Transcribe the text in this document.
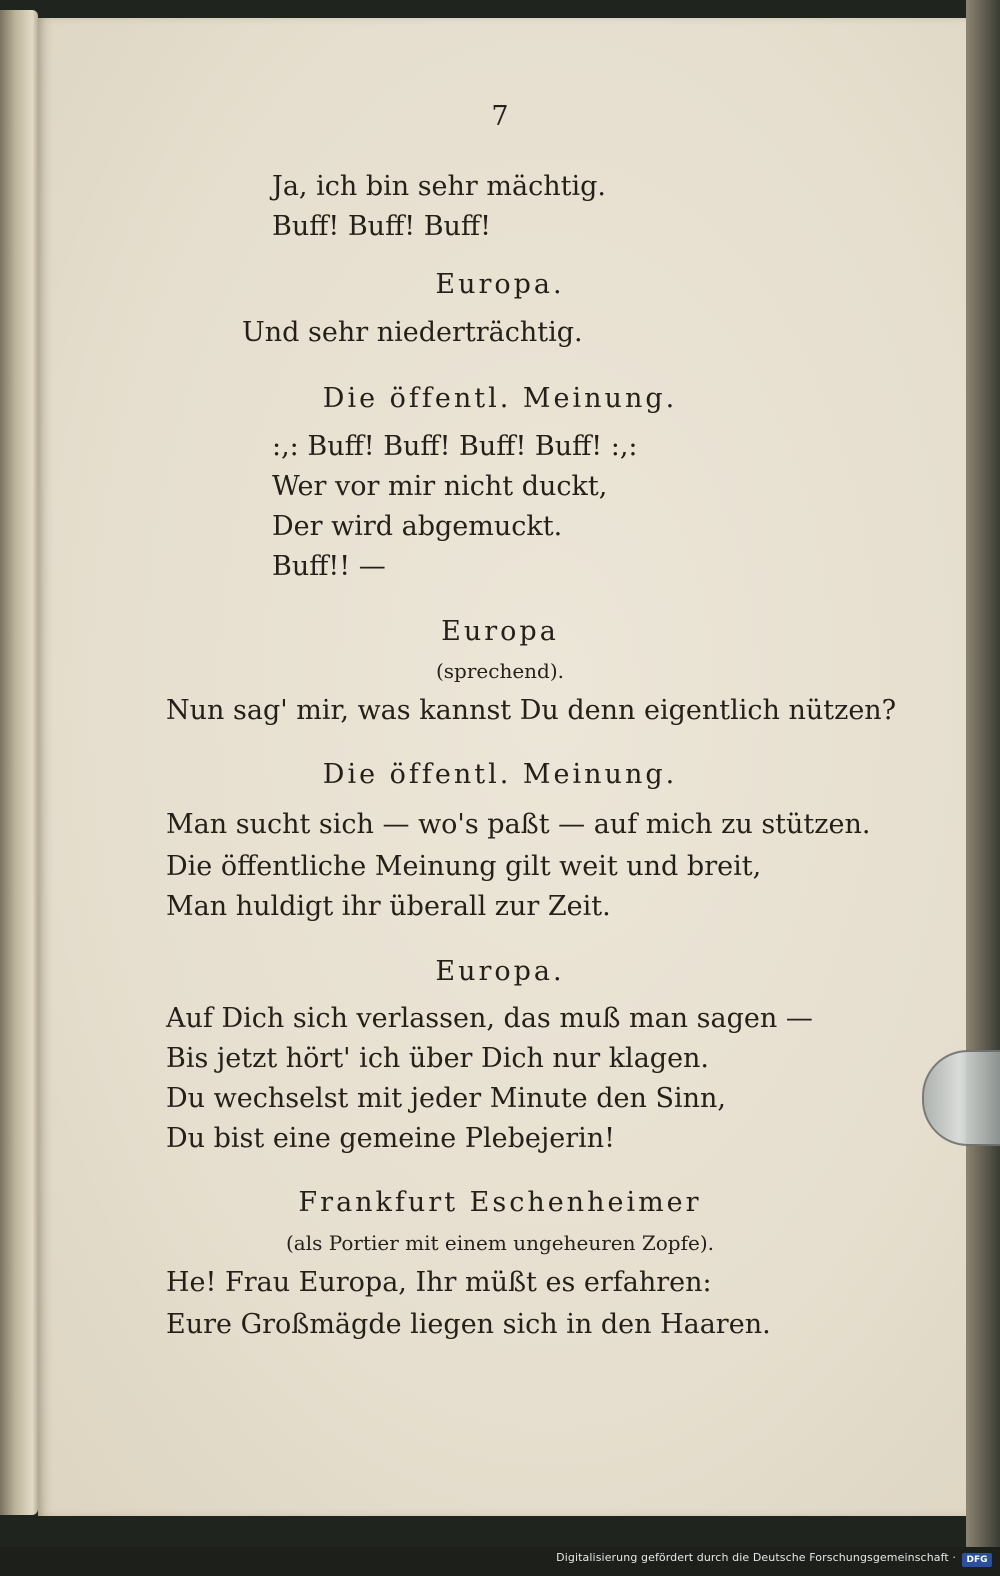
7
Ja, ich bin sehr mächtig.
Buff! Buff! Buff!
Europa.
Und sehr niederträchtig.
Die öffentl. Meinung.
:,: Buff! Buff! Buff! Buff! :,:
Wer vor mir nicht duckt,
Der wird abgemuckt.
Buff!! —
Europa
(sprechend).
Nun sag' mir, was kannst Du denn eigentlich nützen?
Die öffentl. Meinung.
Man sucht sich — wo's paßt — auf mich zu stützen.
Die öffentliche Meinung gilt weit und breit,
Man huldigt ihr überall zur Zeit.
Europa.
Auf Dich sich verlassen, das muß man sagen —
Bis jetzt hört' ich über Dich nur klagen.
Du wechselst mit jeder Minute den Sinn,
Du bist eine gemeine Plebejerin!
Frankfurt Eschenheimer
(als Portier mit einem ungeheuren Zopfe).
He! Frau Europa, Ihr müßt es erfahren:
Eure Großmägde liegen sich in den Haaren.
Digitalisierung gefördert durch die Deutsche Forschungsgemeinschaft ·	DFG
